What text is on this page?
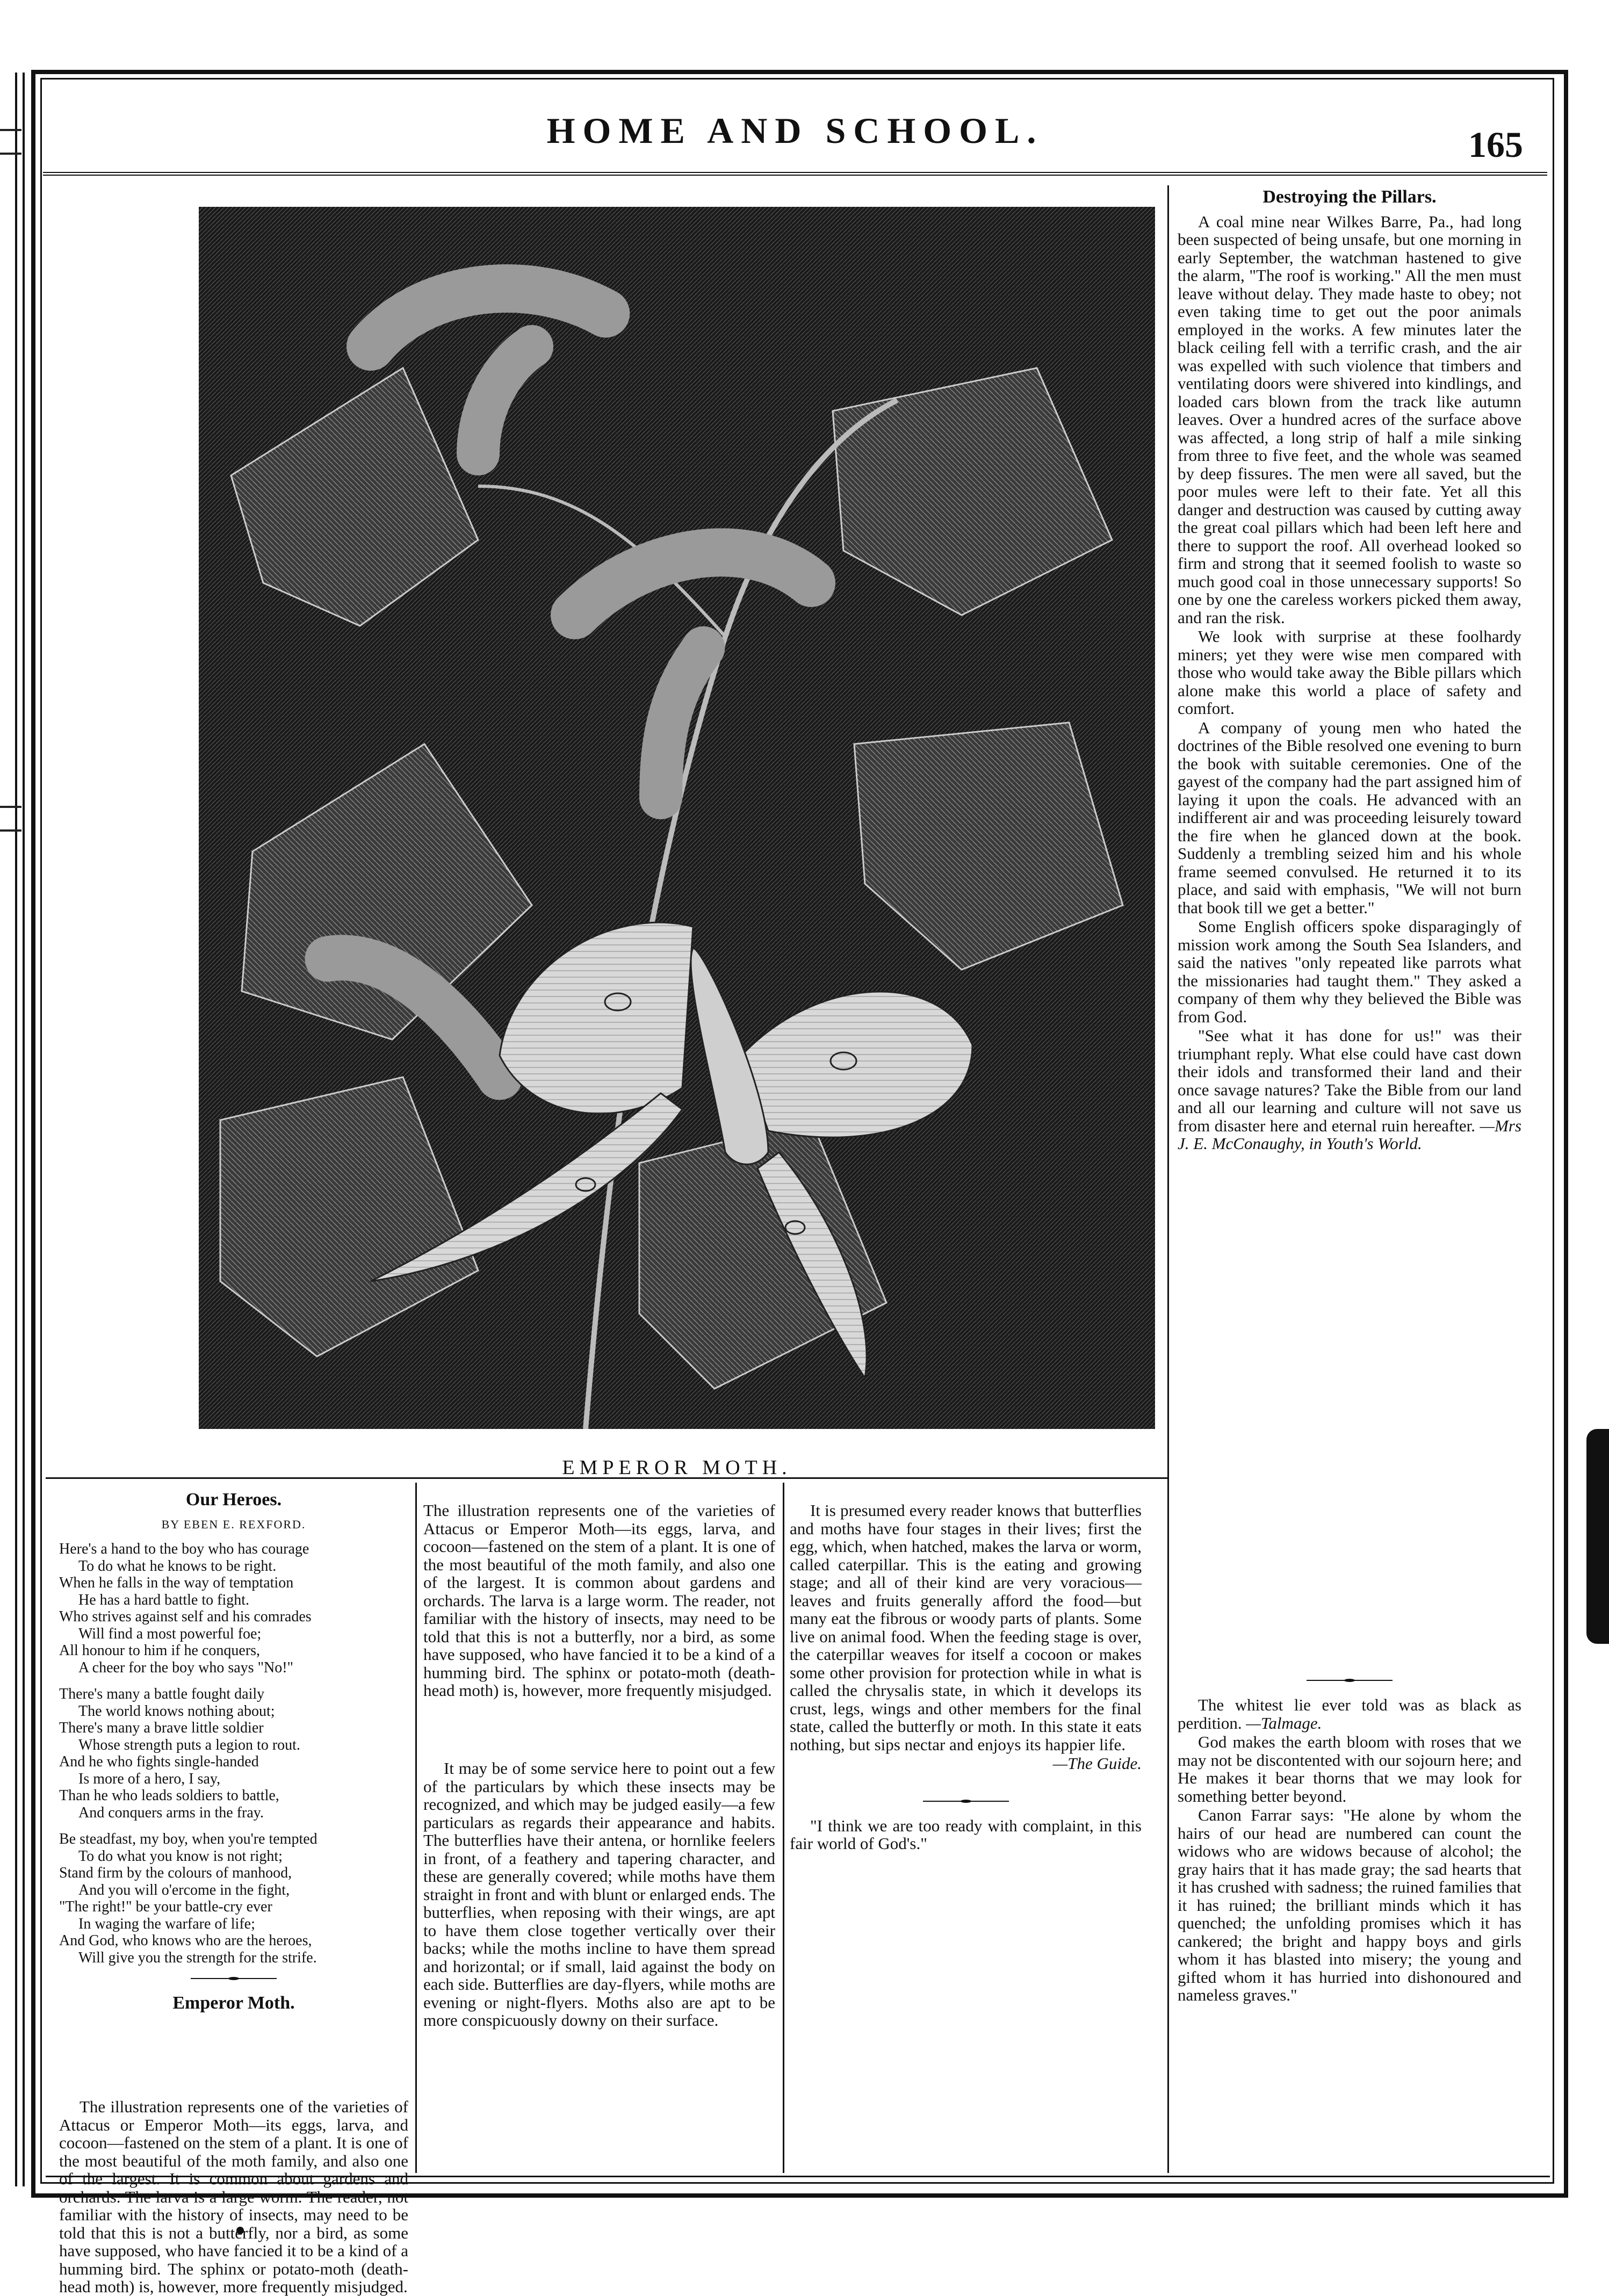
HOME AND SCHOOL.	165
EMPEROR MOTH.
Destroying the Pillars.

A coal mine near Wilkes Barre, Pa., had long been suspected of being unsafe, but one morning in early September, the watchman hastened to give the alarm, "The roof is working." All the men must leave without delay. They made haste to obey; not even taking time to get out the poor animals employed in the works. A few minutes later the black ceiling fell with a terrific crash, and the air was expelled with such violence that timbers and ventilating doors were shivered into kindlings, and loaded cars blown from the track like autumn leaves. Over a hundred acres of the surface above was affected, a long strip of half a mile sinking from three to five feet, and the whole was seamed by deep fissures. The men were all saved, but the poor mules were left to their fate. Yet all this danger and destruction was caused by cutting away the great coal pillars which had been left here and there to support the roof. All overhead looked so firm and strong that it seemed foolish to waste so much good coal in those unnecessary supports! So one by one the careless workers picked them away, and ran the risk.

We look with surprise at these foolhardy miners; yet they were wise men compared with those who would take away the Bible pillars which alone make this world a place of safety and comfort.

A company of young men who hated the doctrines of the Bible resolved one evening to burn the book with suitable ceremonies. One of the gayest of the company had the part assigned him of laying it upon the coals. He advanced with an indifferent air and was proceeding leisurely toward the fire when he glanced down at the book. Suddenly a trembling seized him and his whole frame seemed convulsed. He returned it to its place, and said with emphasis, "We will not burn that book till we get a better."

Some English officers spoke disparagingly of mission work among the South Sea Islanders, and said the natives "only repeated like parrots what the missionaries had taught them." They asked a company of them why they believed the Bible was from God.

"See what it has done for us!" was their triumphant reply. What else could have cast down their idols and transformed their land and their once savage natures? Take the Bible from our land and all our learning and culture will not save us from disaster here and eternal ruin hereafter. —Mrs J. E. McConaughy, in Youth's World.

The whitest lie ever told was as black as perdition. —Talmage.

God makes the earth bloom with roses that we may not be discontented with our sojourn here; and He makes it bear thorns that we may look for something better beyond.

Canon Farrar says: "He alone by whom the hairs of our head are numbered can count the widows who are widows because of alcohol; the gray hairs that it has made gray; the sad hearts that it has crushed with sadness; the ruined families that it has ruined; the brilliant minds which it has quenched; the unfolding promises which it has cankered; the bright and happy boys and girls whom it has blasted into misery; the young and gifted whom it has hurried into dishonoured and nameless graves."

Our Heroes.
BY EBEN E. REXFORD.
Here's a hand to the boy who has courage
To do what he knows to be right.
When he falls in the way of temptation
He has a hard battle to fight.
Who strives against self and his comrades
Will find a most powerful foe;
All honour to him if he conquers,
A cheer for the boy who says "No!"
There's many a battle fought daily
The world knows nothing about;
There's many a brave little soldier
Whose strength puts a legion to rout.
And he who fights single-handed
Is more of a hero, I say,
Than he who leads soldiers to battle,
And conquers arms in the fray.
Be steadfast, my boy, when you're tempted
To do what you know is not right;
Stand firm by the colours of manhood,
And you will o'ercome in the fight,
"The right!" be your battle-cry ever
In waging the warfare of life;
And God, who knows who are the heroes,
Will give you the strength for the strife.
Emperor Moth.

The illustration represents one of the varieties of Attacus or Emperor Moth—its eggs, larva, and cocoon—fastened on the stem of a plant. It is one of the most beautiful of the moth family, and also one of the largest. It is common about gardens and orchards. The larva is a large worm. The reader, not familiar with the history of insects, may need to be told that this is not a butterfly, nor a bird, as some have supposed, who have fancied it to be a kind of a humming bird. The sphinx or potato-moth (death-head moth) is, however, more frequently misjudged.

The illustration represents one of the varieties of Attacus or Emperor Moth—its eggs, larva, and cocoon—fastened on the stem of a plant. It is one of the most beautiful of the moth family, and also one of the largest. It is common about gardens and orchards. The larva is a large worm. The reader, not familiar with the history of insects, may need to be told that this is not a butterfly, nor a bird, as some have supposed, who have fancied it to be a kind of a humming bird. The sphinx or potato-moth (death-head moth) is, however, more frequently misjudged.

It may be of some service here to point out a few of the particulars by which these insects may be recognized, and which may be judged easily—a few particulars as regards their appearance and habits. The butterflies have their antena, or hornlike feelers in front, of a feathery and tapering character, and these are generally covered; while moths have them straight in front and with blunt or enlarged ends. The butterflies, when reposing with their wings, are apt to have them close together vertically over their backs; while the moths incline to have them spread and horizontal; or if small, laid against the body on each side. Butterflies are day-flyers, while moths are evening or night-flyers. Moths also are apt to be more conspicuously downy on their surface.

It is presumed every reader knows that butterflies and moths have four stages in their lives; first the egg, which, when hatched, makes the larva or worm, called caterpillar. This is the eating and growing stage; and all of their kind are very voracious—leaves and fruits generally afford the food—but many eat the fibrous or woody parts of plants. Some live on animal food. When the feeding stage is over, the caterpillar weaves for itself a cocoon or makes some other provision for protection while in what is called the chrysalis state, in which it develops its crust, legs, wings and other members for the final state, called the butterfly or moth. In this state it eats nothing, but sips nectar and enjoys its happier life.

—The Guide.

"I think we are too ready with complaint, in this fair world of God's."
